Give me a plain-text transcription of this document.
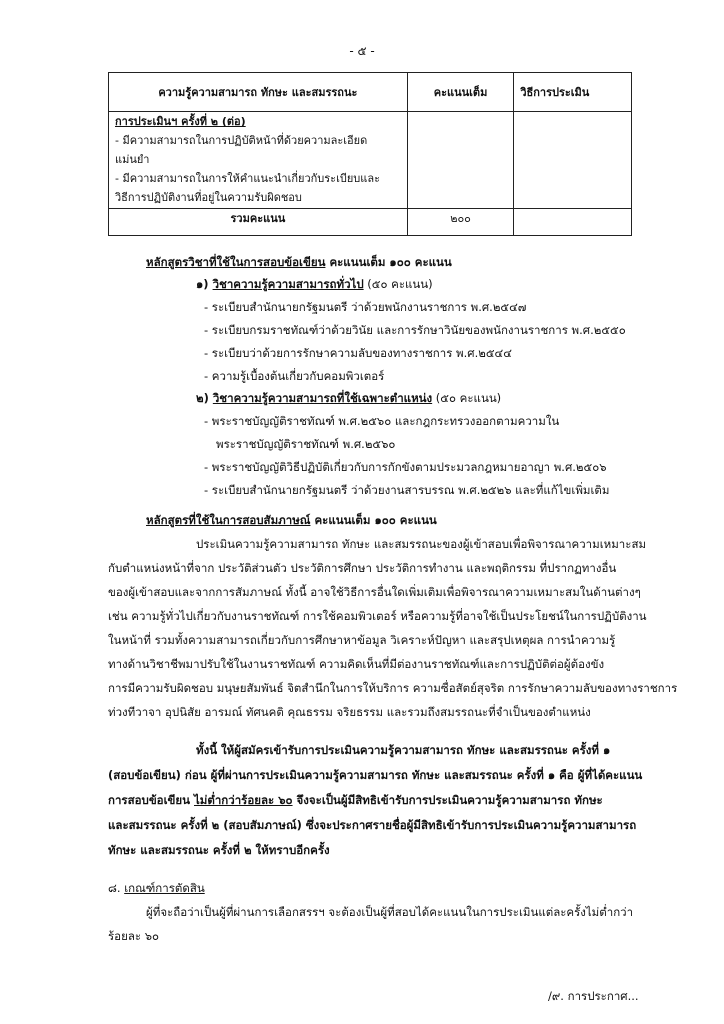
- ๕ -
ความรู้ความสามารถ ทักษะ และสมรรถนะ	คะแนนเต็ม	วิธีการประเมิน

การประเมินฯ ครั้งที่ ๒ (ต่อ)
- มีความสามารถในการปฏิบัติหน้าที่ด้วยความละเอียดแม่นยำ
- มีความสามารถในการให้คำแนะนำเกี่ยวกับระเบียบและ
วิธีการปฏิบัติงานที่อยู่ในความรับผิดชอบ		

รวมคะแนน	๒๐๐	
หลักสูตรวิชาที่ใช้ในการสอบข้อเขียน คะแนนเต็ม ๑๐๐ คะแนน
๑) วิชาความรู้ความสามารถทั่วไป (๕๐ คะแนน)
- ระเบียบสำนักนายกรัฐมนตรี ว่าด้วยพนักงานราชการ พ.ศ.๒๕๔๗
- ระเบียบกรมราชทัณฑ์ว่าด้วยวินัย และการรักษาวินัยของพนักงานราชการ พ.ศ.๒๕๕๐
- ระเบียบว่าด้วยการรักษาความลับของทางราชการ พ.ศ.๒๕๔๔
- ความรู้เบื้องต้นเกี่ยวกับคอมพิวเตอร์
๒) วิชาความรู้ความสามารถที่ใช้เฉพาะตำแหน่ง (๕๐ คะแนน)
- พระราชบัญญัติราชทัณฑ์ พ.ศ.๒๕๖๐ และกฎกระทรวงออกตามความใน
พระราชบัญญัติราชทัณฑ์ พ.ศ.๒๕๖๐
- พระราชบัญญัติวิธีปฏิบัติเกี่ยวกับการกักขังตามประมวลกฎหมายอาญา พ.ศ.๒๕๐๖
- ระเบียบสำนักนายกรัฐมนตรี ว่าด้วยงานสารบรรณ พ.ศ.๒๕๒๖ และที่แก้ไขเพิ่มเติม
หลักสูตรที่ใช้ในการสอบสัมภาษณ์ คะแนนเต็ม ๑๐๐ คะแนน
ประเมินความรู้ความสามารถ ทักษะ และสมรรถนะของผู้เข้าสอบเพื่อพิจารณาความเหมาะสม
กับตำแหน่งหน้าที่จาก ประวัติส่วนตัว ประวัติการศึกษา ประวัติการทำงาน และพฤติกรรม ที่ปรากฏทางอื่น
ของผู้เข้าสอบและจากการสัมภาษณ์ ทั้งนี้ อาจใช้วิธีการอื่นใดเพิ่มเติมเพื่อพิจารณาความเหมาะสมในด้านต่างๆ
เช่น ความรู้ทั่วไปเกี่ยวกับงานราชทัณฑ์ การใช้คอมพิวเตอร์ หรือความรู้ที่อาจใช้เป็นประโยชน์ในการปฏิบัติงาน
ในหน้าที่ รวมทั้งความสามารถเกี่ยวกับการศึกษาหาข้อมูล วิเคราะห์ปัญหา และสรุปเหตุผล การนำความรู้
ทางด้านวิชาชีพมาปรับใช้ในงานราชทัณฑ์ ความคิดเห็นที่มีต่องานราชทัณฑ์และการปฏิบัติต่อผู้ต้องขัง
การมีความรับผิดชอบ มนุษยสัมพันธ์ จิตสำนึกในการให้บริการ ความซื่อสัตย์สุจริต การรักษาความลับของทางราชการ
ท่วงทีวาจา อุปนิสัย อารมณ์ ทัศนคติ คุณธรรม จริยธรรม และรวมถึงสมรรถนะที่จำเป็นของตำแหน่ง
ทั้งนี้ ให้ผู้สมัครเข้ารับการประเมินความรู้ความสามารถ ทักษะ และสมรรถนะ ครั้งที่ ๑
(สอบข้อเขียน) ก่อน ผู้ที่ผ่านการประเมินความรู้ความสามารถ ทักษะ และสมรรถนะ ครั้งที่ ๑ คือ ผู้ที่ได้คะแนน
การสอบข้อเขียน ไม่ต่ำกว่าร้อยละ ๖๐ จึงจะเป็นผู้มีสิทธิเข้ารับการประเมินความรู้ความสามารถ ทักษะ
และสมรรถนะ ครั้งที่ ๒ (สอบสัมภาษณ์) ซึ่งจะประกาศรายชื่อผู้มีสิทธิเข้ารับการประเมินความรู้ความสามารถ
ทักษะ และสมรรถนะ ครั้งที่ ๒ ให้ทราบอีกครั้ง
๘. เกณฑ์การตัดสิน
ผู้ที่จะถือว่าเป็นผู้ที่ผ่านการเลือกสรรฯ จะต้องเป็นผู้ที่สอบได้คะแนนในการประเมินแต่ละครั้งไม่ต่ำกว่า
ร้อยละ ๖๐
/๙. การประกาศ...
